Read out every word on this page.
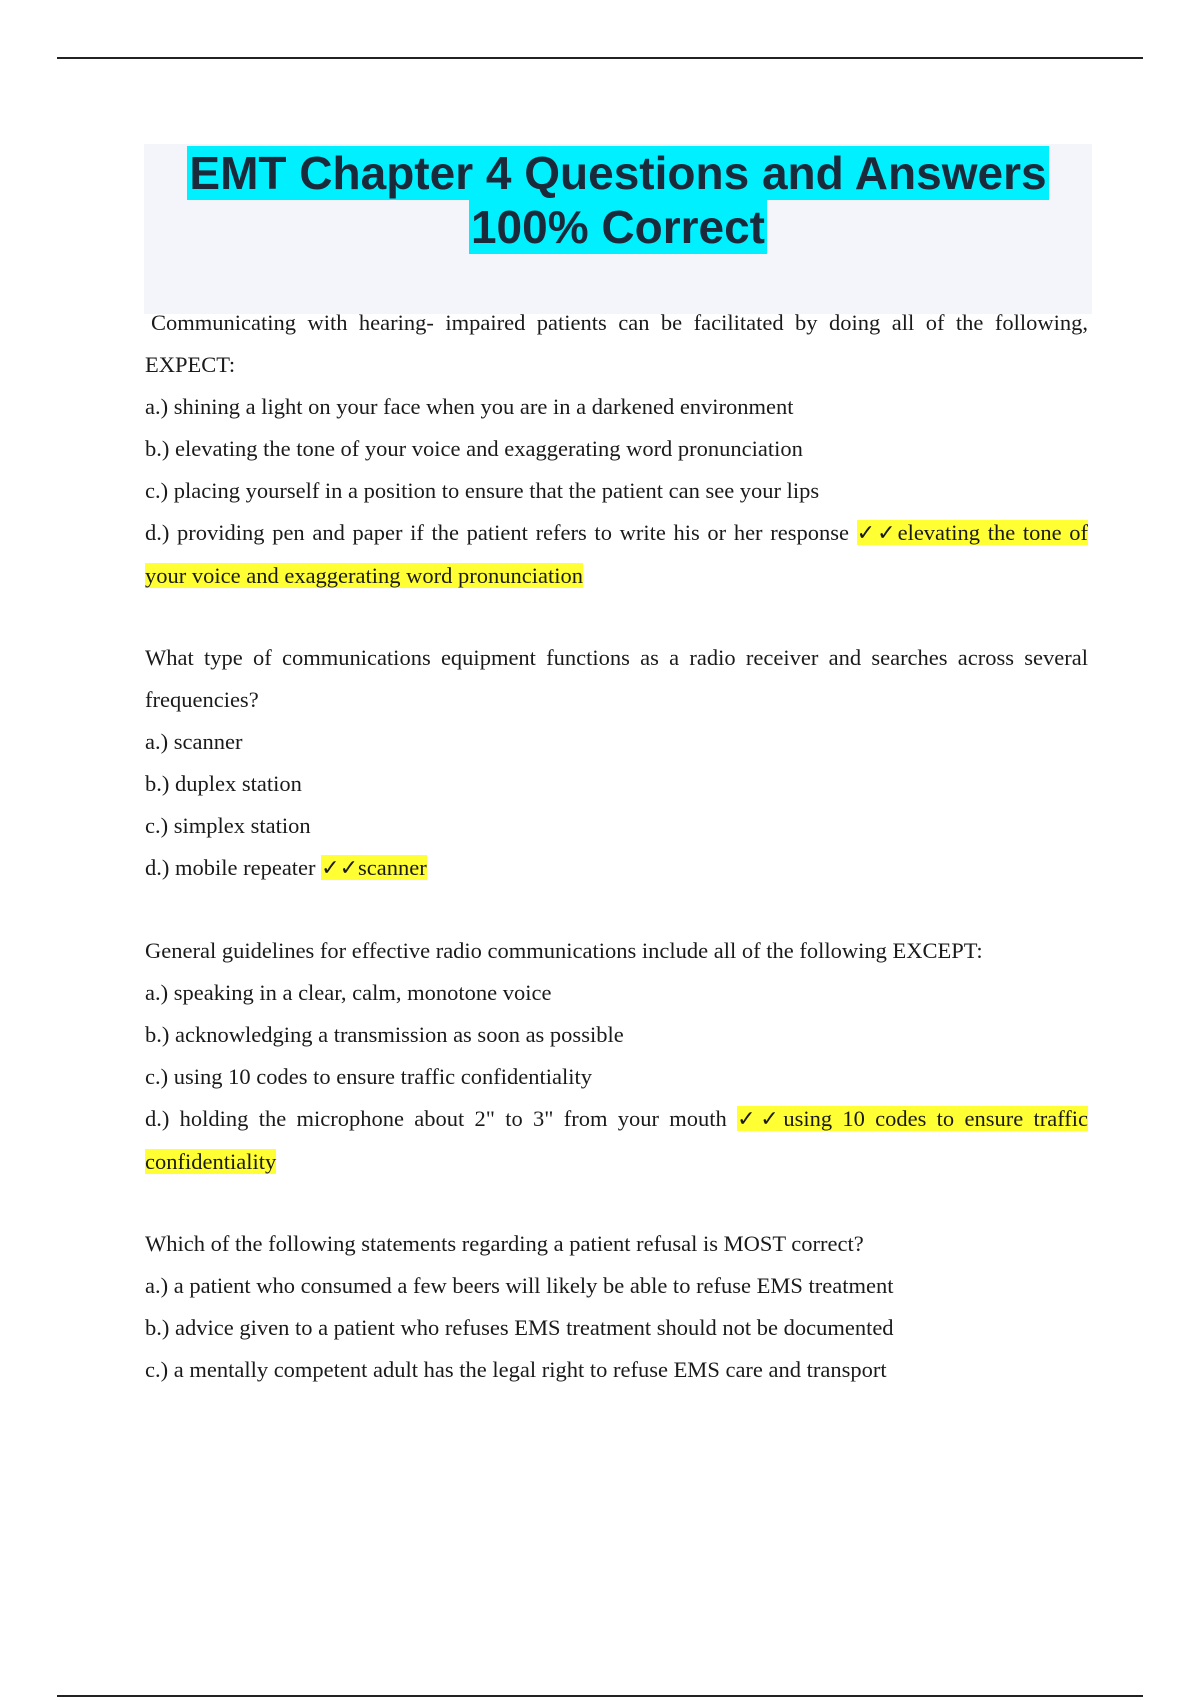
EMT Chapter 4 Questions and Answers
100% Correct

Communicating with hearing- impaired patients can be facilitated by doing all of the following, EXPECT:

a.) shining a light on your face when you are in a darkened environment

b.) elevating the tone of your voice and exaggerating word pronunciation

c.) placing yourself in a position to ensure that the patient can see your lips

d.) providing pen and paper if the patient refers to write his or her response ✓✓elevating the tone of your voice and exaggerating word pronunciation

What type of communications equipment functions as a radio receiver and searches across several frequencies?

a.) scanner

b.) duplex station

c.) simplex station

d.) mobile repeater ✓✓scanner

General guidelines for effective radio communications include all of the following EXCEPT:

a.) speaking in a clear, calm, monotone voice

b.) acknowledging a transmission as soon as possible

c.) using 10 codes to ensure traffic confidentiality

d.) holding the microphone about 2" to 3" from your mouth ✓✓using 10 codes to ensure traffic confidentiality

Which of the following statements regarding a patient refusal is MOST correct?

a.) a patient who consumed a few beers will likely be able to refuse EMS treatment

b.) advice given to a patient who refuses EMS treatment should not be documented

c.) a mentally competent adult has the legal right to refuse EMS care and transport
